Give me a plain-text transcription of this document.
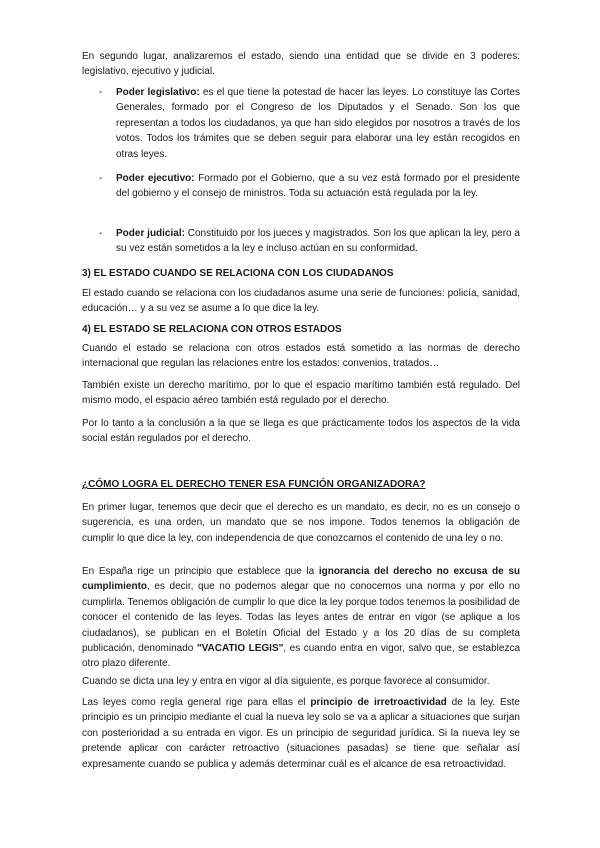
En segundo lugar, analizaremos el estado, siendo una entidad que se divide en 3 poderes: legislativo, ejecutivo y judicial.

- Poder legislativo: es el que tiene la potestad de hacer las leyes. Lo constituye las Cortes Generales, formado por el Congreso de los Diputados y el Senado. Son los que representan a todos los ciudadanos, ya que han sido elegidos por nosotros a través de los votos. Todos los trámites que se deben seguir para elaborar una ley están recogidos en otras leyes.

- Poder ejecutivo: Formado por el Gobierno, que a su vez está formado por el presidente del gobierno y el consejo de ministros. Toda su actuación está regulada por la ley.

- Poder judicial: Constituido por los jueces y magistrados. Son los que aplican la ley, pero a su vez están sometidos a la ley e incluso actúan en su conformidad.

3) EL ESTADO CUANDO SE RELACIONA CON LOS CIUDADANOS

El estado cuando se relaciona con los ciudadanos asume una serie de funciones: policía, sanidad, educación… y a su vez se asume a lo que dice la ley.

4) EL ESTADO SE RELACIONA CON OTROS ESTADOS

Cuando el estado se relaciona con otros estados está sometido a las normas de derecho internacional que regulan las relaciones entre los estados: convenios, tratados…

También existe un derecho marítimo, por lo que el espacio marítimo también está regulado. Del mismo modo, el espacio aéreo también está regulado por el derecho.

Por lo tanto a la conclusión a la que se llega es que prácticamente todos los aspectos de la vida social están regulados por el derecho.

¿CÓMO LOGRA EL DERECHO TENER ESA FUNCIÓN ORGANIZADORA?

En primer lugar, tenemos que decir que el derecho es un mandato, es decir, no es un consejo o sugerencia, es una orden, un mandato que se nos impone. Todos tenemos la obligación de cumplir lo que dice la ley, con independencia de que conozcamos el contenido de una ley o no.

En España rige un principio que establece que la ignorancia del derecho no excusa de su cumplimiento, es decir, que no podemos alegar que no conocemos una norma y por ello no cumplirla. Tenemos obligación de cumplir lo que dice la ley porque todos tenemos la posibilidad de conocer el contenido de las leyes. Todas las leyes antes de entrar en vigor (se aplique a los ciudadanos), se publican en el Boletín Oficial del Estado y a los 20 días de su completa publicación, denominado "VACATIO LEGIS", es cuando entra en vigor, salvo que, se establezca otro plazo diferente.

Cuando se dicta una ley y entra en vigor al día siguiente, es porque favorece al consumidor.

Las leyes como regla general rige para ellas el principio de irretroactividad de la ley. Este principio es un principio mediante el cual la nueva ley solo se va a aplicar a situaciones que surjan con posterioridad a su entrada en vigor. Es un principio de seguridad jurídica. Si la nueva ley se pretende aplicar con carácter retroactivo (situaciones pasadas) se tiene que señalar así expresamente cuando se publica y además determinar cuál es el alcance de esa retroactividad.
